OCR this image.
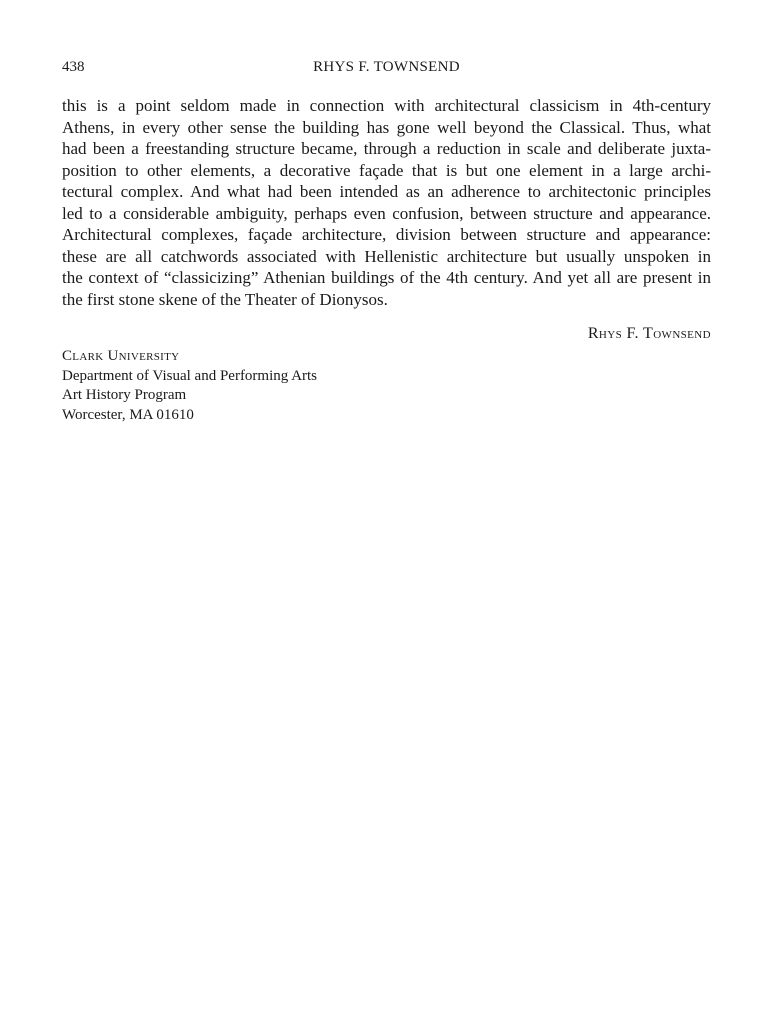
438	RHYS F. TOWNSEND
this is a point seldom made in connection with architectural classicism in 4th-century
Athens, in every other sense the building has gone well beyond the Classical. Thus, what
had been a freestanding structure became, through a reduction in scale and deliberate juxta-
position to other elements, a decorative façade that is but one element in a large archi-
tectural complex. And what had been intended as an adherence to architectonic principles
led to a considerable ambiguity, perhaps even confusion, between structure and appearance.
Architectural complexes, façade architecture, division between structure and appearance:
these are all catchwords associated with Hellenistic architecture but usually unspoken in
the context of “classicizing” Athenian buildings of the 4th century. And yet all are present in
the first stone skene of the Theater of Dionysos.
Rhys F. Townsend
Clark University
Department of Visual and Performing Arts
Art History Program
Worcester, MA 01610
